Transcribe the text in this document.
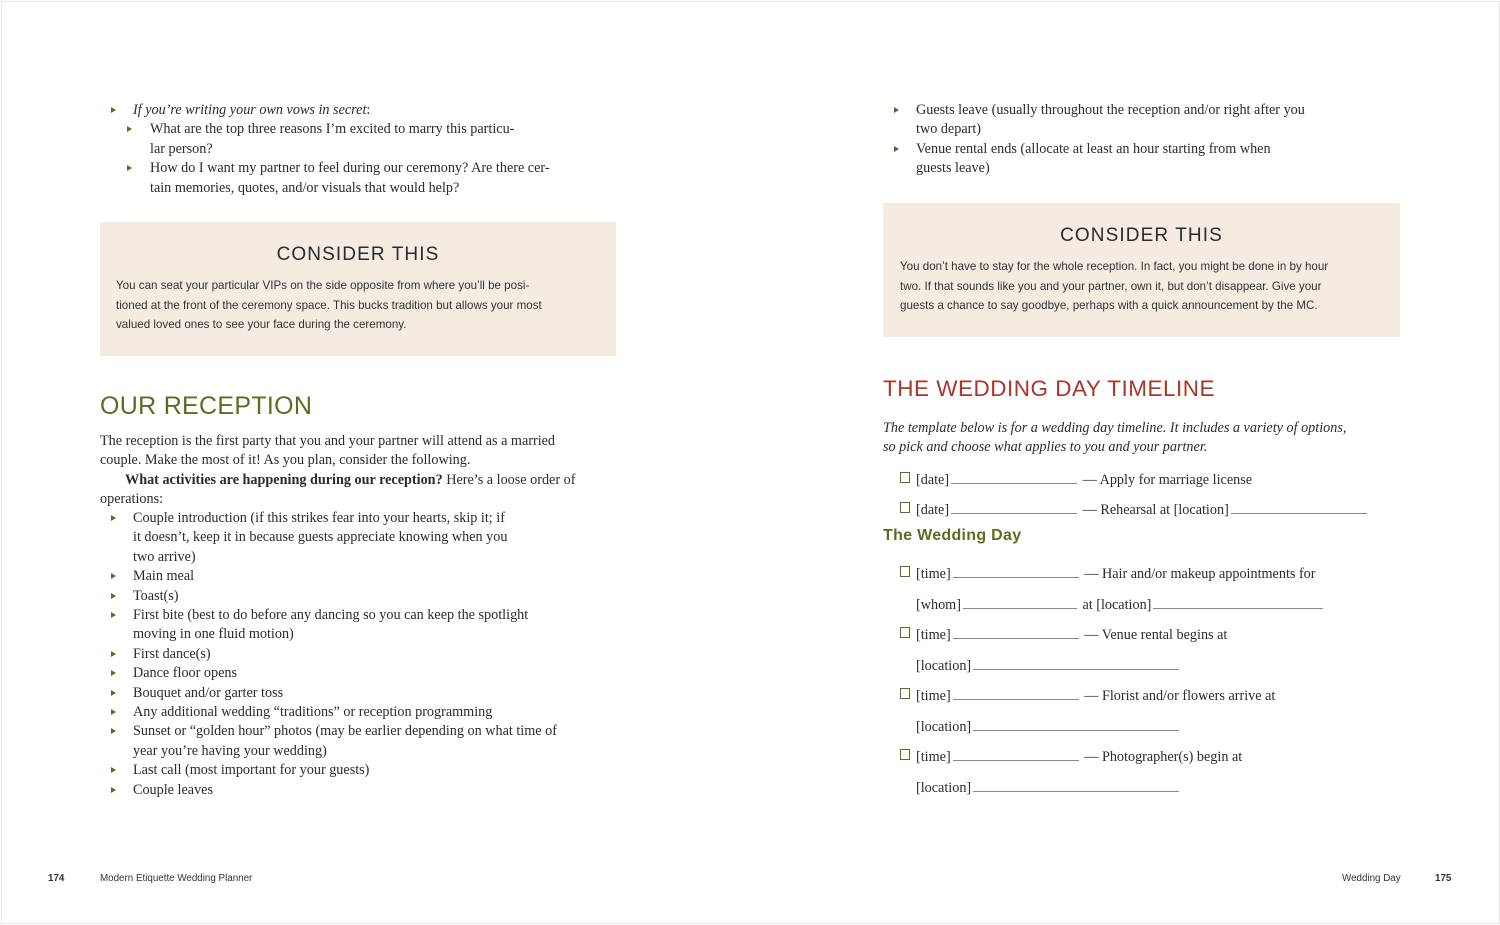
If you’re writing your own vows in secret:
What are the top three reasons I’m excited to marry this particu-
lar person?
How do I want my partner to feel during our ceremony? Are there cer-
tain memories, quotes, and/or visuals that would help?
CONSIDER THIS

You can seat your particular VIPs on the side opposite from where you’ll be posi-
tioned at the front of the ceremony space. This bucks tradition but allows your most
valued loved ones to see your face during the ceremony.

OUR RECEPTION
The reception is the first party that you and your partner will attend as a married
couple. Make the most of it! As you plan, consider the following.
What activities are happening during our reception? Here’s a loose order of
operations:
Couple introduction (if this strikes fear into your hearts, skip it; if
it doesn’t, keep it in because guests appreciate knowing when you
two arrive)
Main meal
Toast(s)
First bite (best to do before any dancing so you can keep the spotlight
moving in one fluid motion)
First dance(s)
Dance floor opens
Bouquet and/or garter toss
Any additional wedding “traditions” or reception programming
Sunset or “golden hour” photos (may be earlier depending on what time of
year you’re having your wedding)
Last call (most important for your guests)
Couple leaves
174	Modern Etiquette Wedding Planner
Guests leave (usually throughout the reception and/or right after you
two depart)
Venue rental ends (allocate at least an hour starting from when
guests leave)
CONSIDER THIS

You don’t have to stay for the whole reception. In fact, you might be done in by hour
two. If that sounds like you and your partner, own it, but don’t disappear. Give your
guests a chance to say goodbye, perhaps with a quick announcement by the MC.

THE WEDDING DAY TIMELINE
The template below is for a wedding day timeline. It includes a variety of options,
so pick and choose what applies to you and your partner.
[date]	— Apply for marriage license
[date]	— Rehearsal at [location]
The Wedding Day
[time]	— Hair and/or makeup appointments for
[whom]	at [location]
[time]	— Venue rental begins at
[location]
[time]	— Florist and/or flowers arrive at
[location]
[time]	— Photographer(s) begin at
[location]
Wedding Day	175
